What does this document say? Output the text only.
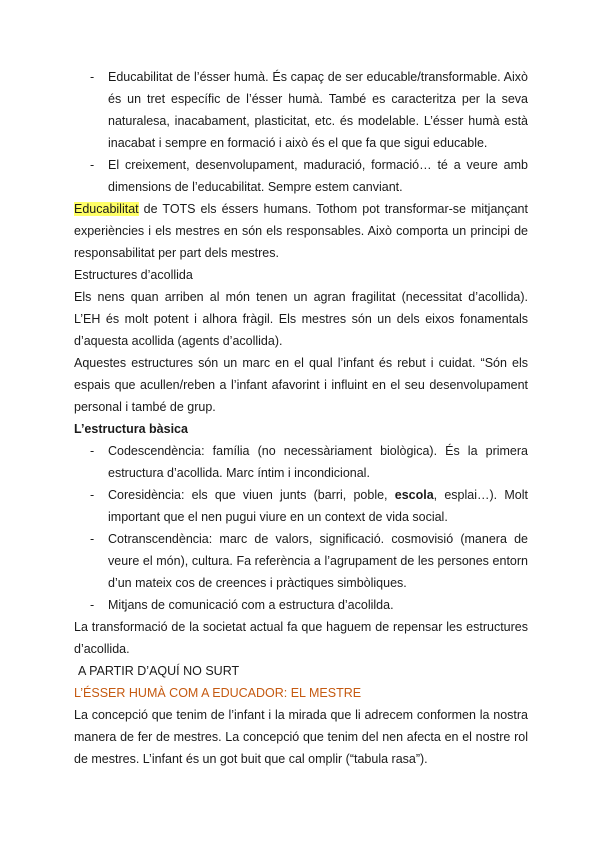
- Educabilitat de l’ésser humà. És capaç de ser educable/transformable. Això és un tret específic de l’ésser humà. També es caracteritza per la seva naturalesa, inacabament, plasticitat, etc. és modelable. L’ésser humà està inacabat i sempre en formació i això és el que fa que sigui educable.
- El creixement, desenvolupament, maduració, formació… té a veure amb dimensions de l’educabilitat. Sempre estem canviant.

Educabilitat de TOTS els éssers humans. Tothom pot transformar-se mitjançant experiències i els mestres en són els responsables. Això comporta un principi de responsabilitat per part dels mestres.

Estructures d’acollida

Els nens quan arriben al món tenen un agran fragilitat (necessitat d’acollida). L’EH és molt potent i alhora fràgil. Els mestres són un dels eixos fonamentals d’aquesta acollida (agents d’acollida).

Aquestes estructures són un marc en el qual l’infant és rebut i cuidat. “Són els espais que acullen/reben a l’infant afavorint i influint en el seu desenvolupament personal i també de grup.

L’estructura bàsica

- Codescendència: família (no necessàriament biològica). És la primera estructura d’acollida. Marc íntim i incondicional.
- Coresidència: els que viuen junts (barri, poble, escola, esplai…). Molt important que el nen pugui viure en un context de vida social.
- Cotranscendència: marc de valors, significació. cosmovisió (manera de veure el món), cultura. Fa referència a l’agrupament de les persones entorn d’un mateix cos de creences i pràctiques simbòliques.
- Mitjans de comunicació com a estructura d’acolilda.

La transformació de la societat actual fa que haguem de repensar les estructures d’acollida.

A PARTIR D’AQUÍ NO SURT

L’ÉSSER HUMÀ COM A EDUCADOR: EL MESTRE

La concepció que tenim de l’infant i la mirada que li adrecem conformen la nostra manera de fer de mestres. La concepció que tenim del nen afecta en el nostre rol de mestres. L’infant és un got buit que cal omplir (“tabula rasa”).
